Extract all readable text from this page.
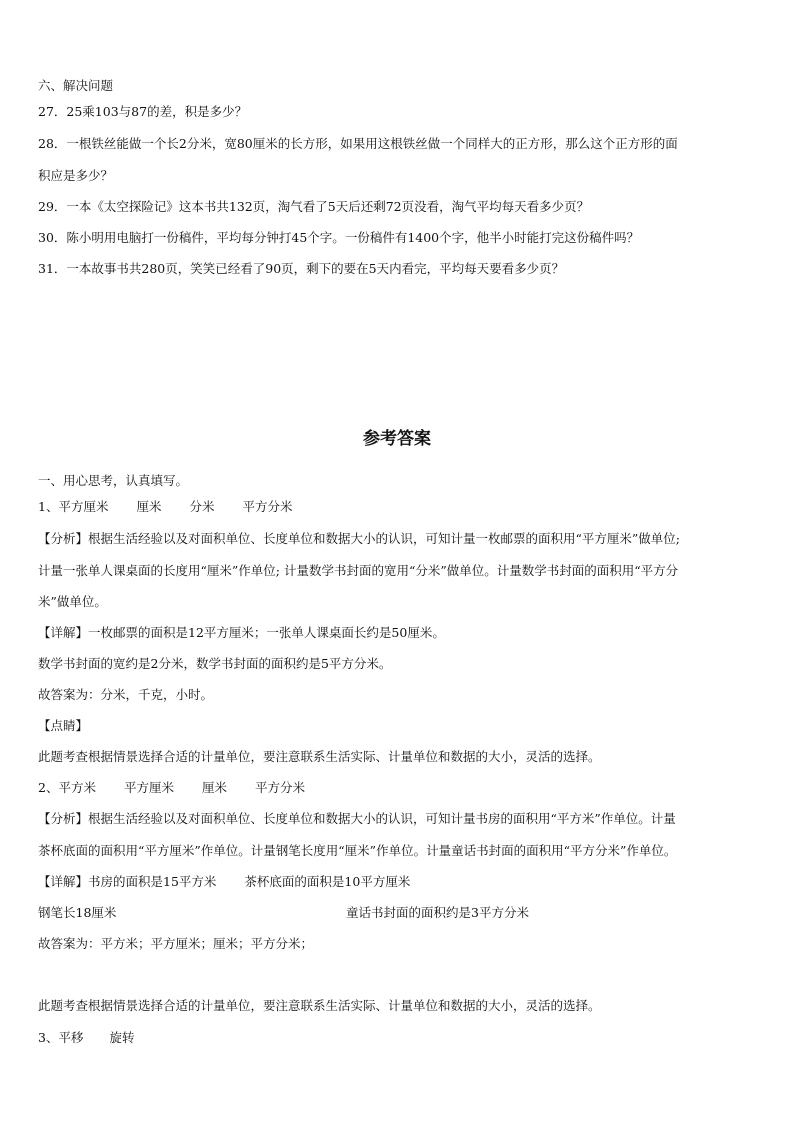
六、解决问题
27．25乘103与87的差，积是多少？
28．一根铁丝能做一个长2分米，宽80厘米的长方形，如果用这根铁丝做一个同样大的正方形，那么这个正方形的面
积应是多少？
29．一本《太空探险记》这本书共132页，淘气看了5天后还剩72页没看，淘气平均每天看多少页？
30．陈小明用电脑打一份稿件，平均每分钟打45个字。一份稿件有1400个字，他半小时能打完这份稿件吗？
31．一本故事书共280页，笑笑已经看了90页，剩下的要在5天内看完，平均每天要看多少页？
参考答案
一、用心思考，认真填写。
1、平方厘米 厘米 分米 平方分米
【分析】根据生活经验以及对面积单位、长度单位和数据大小的认识，可知计量一枚邮票的面积用“平方厘米”做单位;
计量一张单人课桌面的长度用“厘米”作单位; 计量数学书封面的宽用“分米”做单位。计量数学书封面的面积用“平方分
米”做单位。
【详解】一枚邮票的面积是12平方厘米；一张单人课桌面长约是50厘米。
数学书封面的宽约是2分米，数学书封面的面积约是5平方分米。
故答案为：分米，千克，小时。
【点睛】
此题考查根据情景选择合适的计量单位，要注意联系生活实际、计量单位和数据的大小，灵活的选择。
2、平方米 平方厘米 厘米 平方分米
【分析】根据生活经验以及对面积单位、长度单位和数据大小的认识，可知计量书房的面积用“平方米”作单位。计量
茶杯底面的面积用“平方厘米”作单位。计量钢笔长度用“厘米”作单位。计量童话书封面的面积用“平方分米”作单位。
【详解】书房的面积是15平方米 茶杯底面的面积是10平方厘米
钢笔长18厘米	童话书封面的面积约是3平方分米
故答案为：平方米；平方厘米；厘米；平方分米；
此题考查根据情景选择合适的计量单位，要注意联系生活实际、计量单位和数据的大小，灵活的选择。
3、平移 旋转
